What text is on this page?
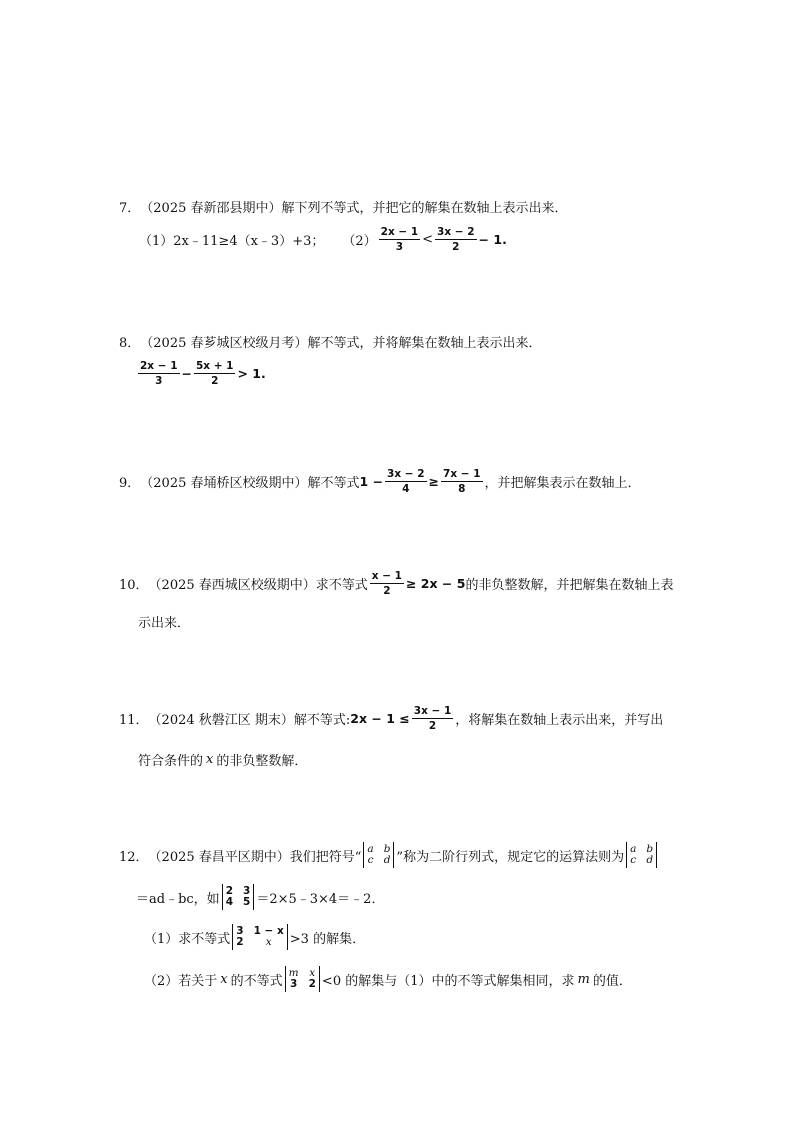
7． （2025 春新邵县期中） 解下列不等式，并把它的解集在数轴上表示出来．
（1） 2x﹣11≥4（x﹣3）+3； $(2) \frac{2x - 1}{3} < \frac{3x - 2}{2} - 1$.
8． （2025 春芗城区校级月考） 解不等式，并将解集在数轴上表示出来．
$\frac{2x - 1}{3} - \frac{5x + 1}{2} > 1$.
9． （2025 春埇桥区校级期中） 解不等式 $1 - \frac{3x - 2}{4} \ge \frac{7x - 1}{8}$ ，并把解集表示在数轴上．
10． （2025 春西城区校级期中） 求不等式 $\frac{x - 1}{2} \ge 2x - 5$ 的非负整数解，并把解集在数轴上表
示出来．
11． （2024 秋磐江区 期末） 解不等式: $2x - 1 \le \frac{3x - 1}{2}$ ，将解集在数轴上表示出来，并写出
符合条件的 x 的非负整数解．
12． （2025 春昌平区期中） 我们把符号“
a b
c d ”称为二阶行列式，规定它的运算法则为
a b
c d
＝ad﹣bc，如
2 3
4 5 ＝2×5﹣3×4＝﹣2．
（1）求不等式
3 1 − x
2	x	>3 的解集．
（2）若关于 x 的不等式
m x
3 2 <0 的解集与（1）中的不等式解集相同，求 m 的值．
